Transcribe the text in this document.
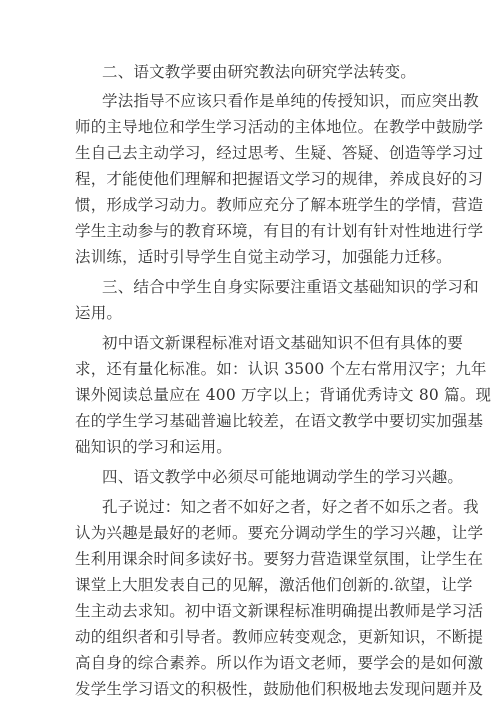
二、语文教学要由研究教法向研究学法转变。
学法指导不应该只看作是单纯的传授知识，而应突出教
师的主导地位和学生学习活动的主体地位。在教学中鼓励学
生自己去主动学习，经过思考、生疑、答疑、创造等学习过
程，才能使他们理解和把握语文学习的规律，养成良好的习
惯，形成学习动力。教师应充分了解本班学生的学情，营造
学生主动参与的教育环境，有目的有计划有针对性地进行学
法训练，适时引导学生自觉主动学习，加强能力迁移。
三、结合中学生自身实际要注重语文基础知识的学习和
运用。
初中语文新课程标准对语文基础知识不但有具体的要
求，还有量化标准。如：认识 3500 个左右常用汉字；九年
课外阅读总量应在 400 万字以上；背诵优秀诗文 80 篇。现
在的学生学习基础普遍比较差，在语文教学中要切实加强基
础知识的学习和运用。
四、语文教学中必须尽可能地调动学生的学习兴趣。
孔子说过：知之者不如好之者，好之者不如乐之者。我
认为兴趣是最好的老师。要充分调动学生的学习兴趣，让学
生利用课余时间多读好书。要努力营造课堂氛围，让学生在
课堂上大胆发表自己的见解，激活他们创新的.欲望，让学
生主动去求知。初中语文新课程标准明确提出教师是学习活
动的组织者和引导者。教师应转变观念，更新知识，不断提
高自身的综合素养。所以作为语文老师，要学会的是如何激
发学生学习语文的积极性，鼓励他们积极地去发现问题并及
